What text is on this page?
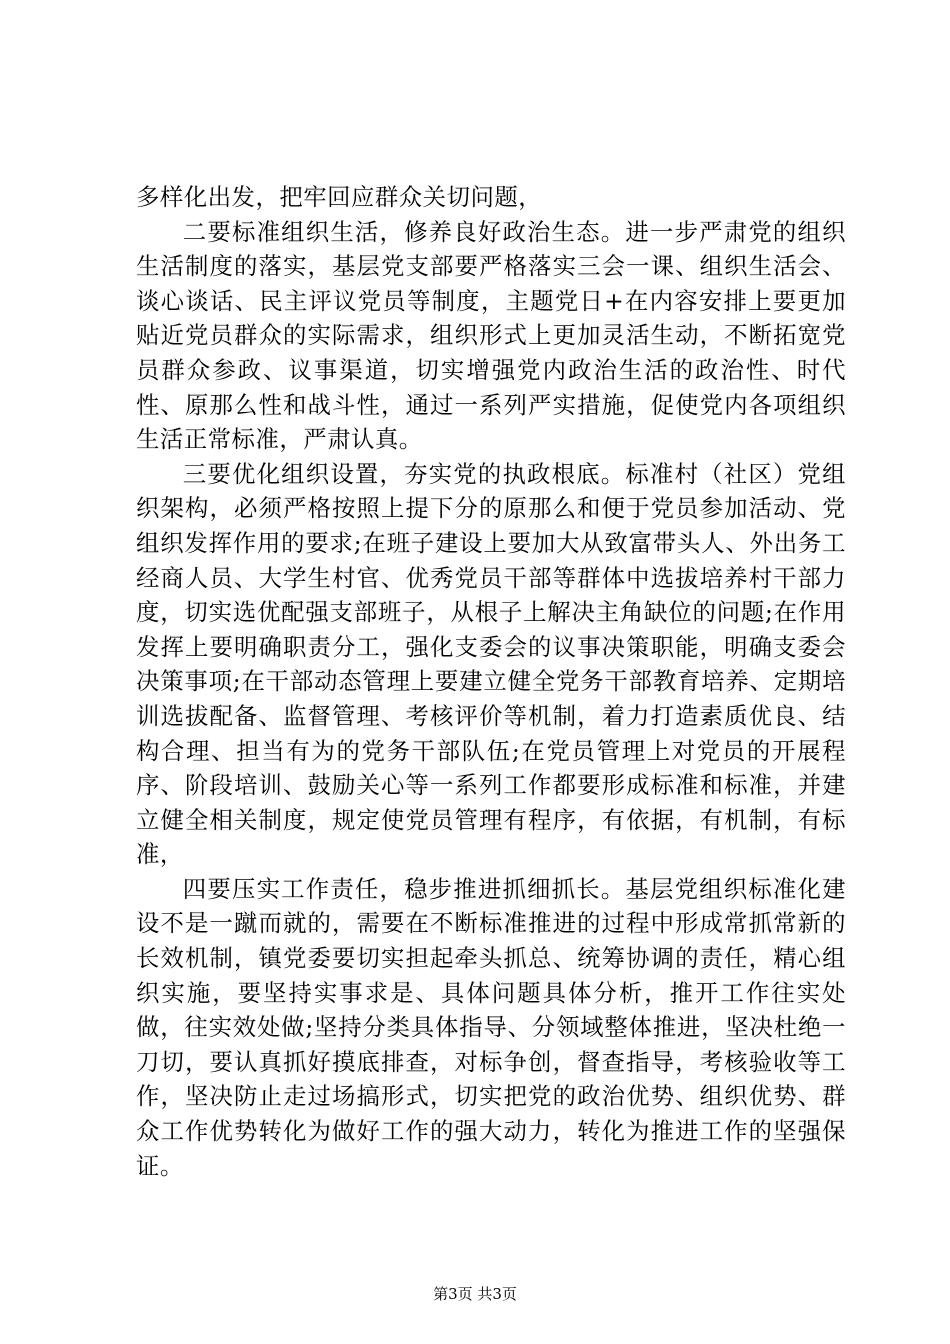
多样化出发，把牢回应群众关切问题，

二要标准组织生活，修养良好政治生态。进一步严肃党的组织生活制度的落实，基层党支部要严格落实三会一课、组织生活会、谈心谈话、民主评议党员等制度，主题党日+在内容安排上要更加贴近党员群众的实际需求，组织形式上更加灵活生动，不断拓宽党员群众参政、议事渠道，切实增强党内政治生活的政治性、时代性、原那么性和战斗性，通过一系列严实措施，促使党内各项组织生活正常标准，严肃认真。

三要优化组织设置，夯实党的执政根底。标准村（社区）党组织架构，必须严格按照上提下分的原那么和便于党员参加活动、党组织发挥作用的要求;在班子建设上要加大从致富带头人、外出务工经商人员、大学生村官、优秀党员干部等群体中选拔培养村干部力度，切实选优配强支部班子，从根子上解决主角缺位的问题;在作用发挥上要明确职责分工，强化支委会的议事决策职能，明确支委会决策事项;在干部动态管理上要建立健全党务干部教育培养、定期培训选拔配备、监督管理、考核评价等机制，着力打造素质优良、结构合理、担当有为的党务干部队伍;在党员管理上对党员的开展程序、阶段培训、鼓励关心等一系列工作都要形成标准和标准，并建立健全相关制度，规定使党员管理有程序，有依据，有机制，有标准，

四要压实工作责任，稳步推进抓细抓长。基层党组织标准化建设不是一蹴而就的，需要在不断标准推进的过程中形成常抓常新的长效机制，镇党委要切实担起牵头抓总、统筹协调的责任，精心组织实施，要坚持实事求是、具体问题具体分析，推开工作往实处做，往实效处做;坚持分类具体指导、分领域整体推进，坚决杜绝一刀切，要认真抓好摸底排查，对标争创，督查指导，考核验收等工作，坚决防止走过场搞形式，切实把党的政治优势、组织优势、群众工作优势转化为做好工作的强大动力，转化为推进工作的坚强保证。

第3页 共3页
